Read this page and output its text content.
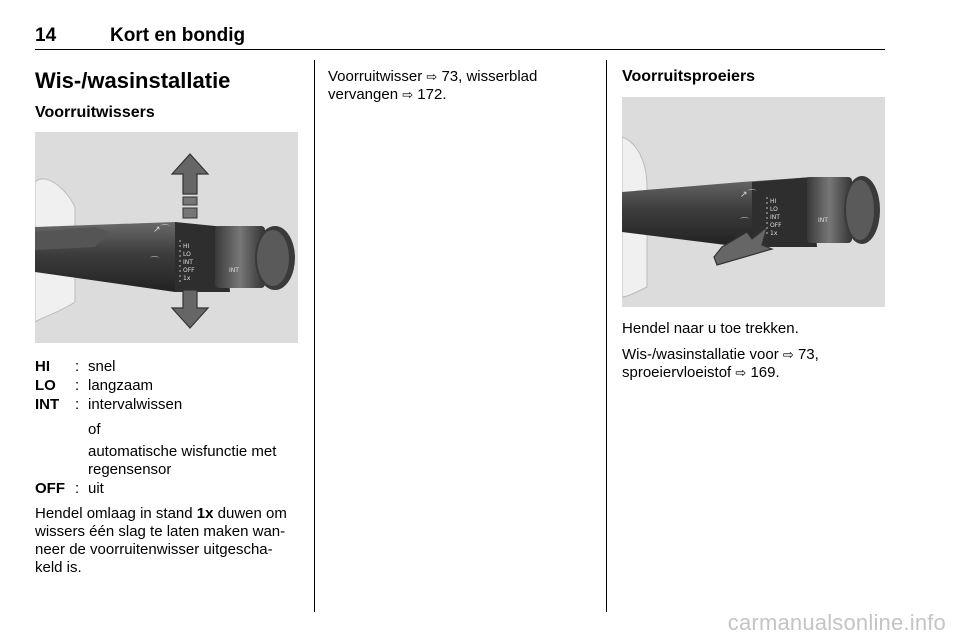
14	Kort en bondig
Wis-/wasinstallatie
Voorruitwissers
↗⌒
⌒
HI
LO
INT
OFF
1x
INT
HI : snel
LO : langzaam
INT : intervalwissen
of
automatische wisfunctie met
regensensor
OFF : uit
Hendel omlaag in stand 1x duwen om
wissers één slag te laten maken wan-
neer de voorruitenwisser uitgescha-
keld is.
Voorruitwisser ⇨ 73, wisserblad
vervangen ⇨ 172.
Voorruitsproeiers
↗⌒
⌒
HI
LO
INT
OFF
1x
INT
Hendel naar u toe trekken.
Wis-/wasinstallatie voor ⇨ 73,
sproeiervloeistof ⇨ 169.
carmanualsonline.info
